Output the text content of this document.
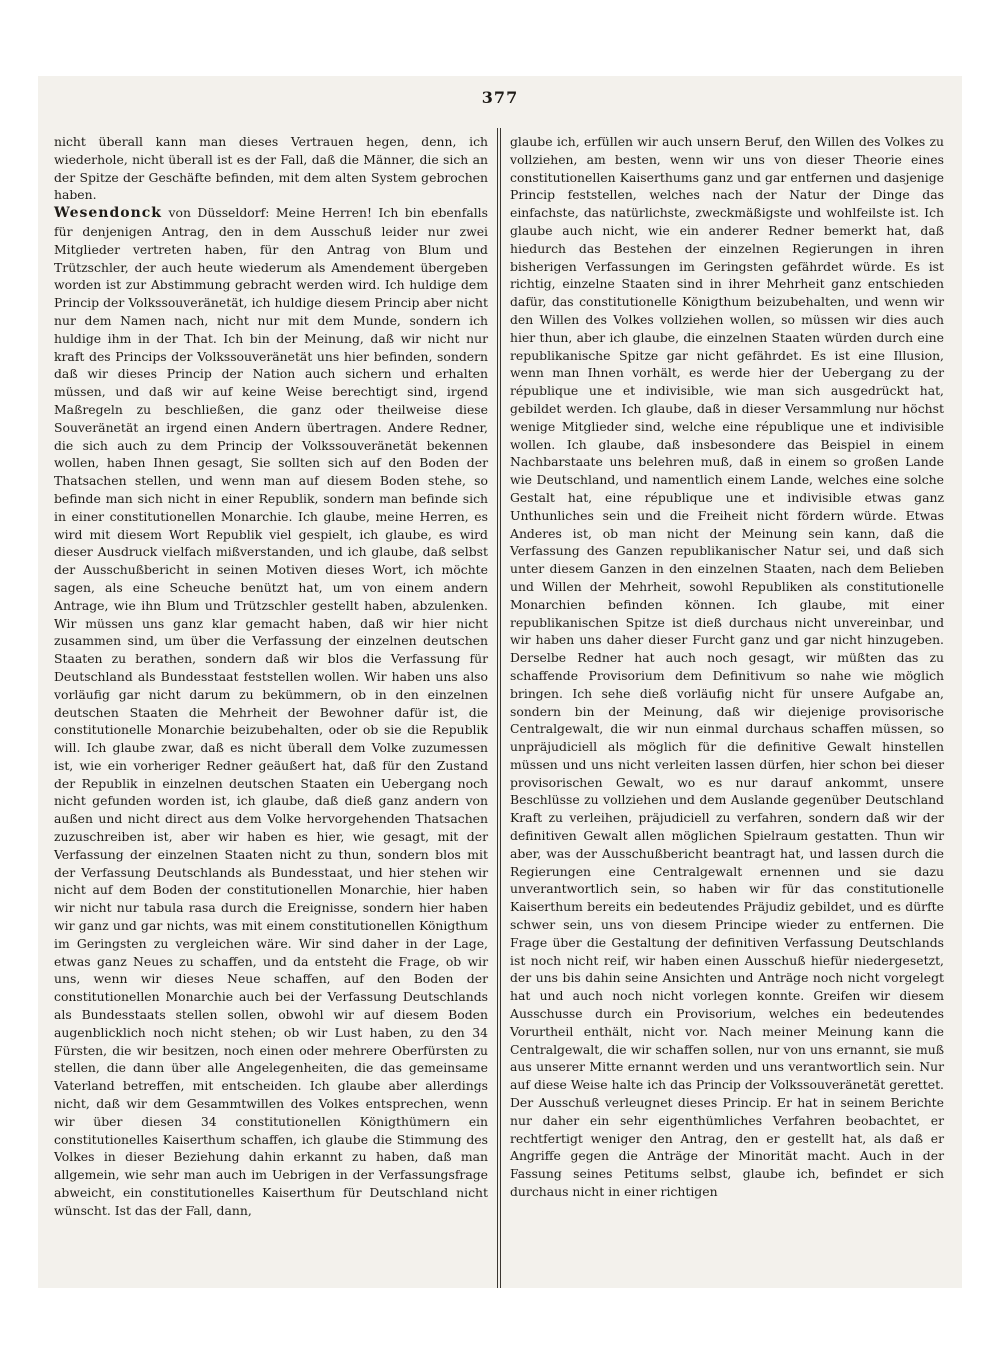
377

nicht überall kann man dieses Vertrauen hegen, denn, ich wiederhole, nicht überall ist es der Fall, daß die Männer, die sich an der Spitze der Geschäfte befinden, mit dem alten System gebrochen haben.

Wesendonck von Düsseldorf: Meine Herren! Ich bin ebenfalls für denjenigen Antrag, den in dem Ausschuß leider nur zwei Mitglieder vertreten haben, für den Antrag von Blum und Trützschler, der auch heute wiederum als Amendement übergeben worden ist zur Abstimmung gebracht werden wird. Ich huldige dem Princip der Volkssouveränetät, ich huldige diesem Princip aber nicht nur dem Namen nach, nicht nur mit dem Munde, sondern ich huldige ihm in der That. Ich bin der Meinung, daß wir nicht nur kraft des Princips der Volkssouveränetät uns hier befinden, sondern daß wir dieses Princip der Nation auch sichern und erhalten müssen, und daß wir auf keine Weise berechtigt sind, irgend Maßregeln zu beschließen, die ganz oder theilweise diese Souveränetät an irgend einen Andern übertragen. Andere Redner, die sich auch zu dem Princip der Volkssouveränetät bekennen wollen, haben Ihnen gesagt, Sie sollten sich auf den Boden der Thatsachen stellen, und wenn man auf diesem Boden stehe, so befinde man sich nicht in einer Republik, sondern man befinde sich in einer constitutionellen Monarchie. Ich glaube, meine Herren, es wird mit diesem Wort Republik viel gespielt, ich glaube, es wird dieser Ausdruck vielfach mißverstanden, und ich glaube, daß selbst der Ausschußbericht in seinen Motiven dieses Wort, ich möchte sagen, als eine Scheuche benützt hat, um von einem andern Antrage, wie ihn Blum und Trützschler gestellt haben, abzulenken. Wir müssen uns ganz klar gemacht haben, daß wir hier nicht zusammen sind, um über die Verfassung der einzelnen deutschen Staaten zu berathen, sondern daß wir blos die Verfassung für Deutschland als Bundesstaat feststellen wollen. Wir haben uns also vorläufig gar nicht darum zu bekümmern, ob in den einzelnen deutschen Staaten die Mehrheit der Bewohner dafür ist, die constitutionelle Monarchie beizubehalten, oder ob sie die Republik will. Ich glaube zwar, daß es nicht überall dem Volke zuzumessen ist, wie ein vorheriger Redner geäußert hat, daß für den Zustand der Republik in einzelnen deutschen Staaten ein Uebergang noch nicht gefunden worden ist, ich glaube, daß dieß ganz andern von außen und nicht direct aus dem Volke hervorgehenden Thatsachen zuzuschreiben ist, aber wir haben es hier, wie gesagt, mit der Verfassung der einzelnen Staaten nicht zu thun, sondern blos mit der Verfassung Deutschlands als Bundesstaat, und hier stehen wir nicht auf dem Boden der constitutionellen Monarchie, hier haben wir nicht nur tabula rasa durch die Ereignisse, sondern hier haben wir ganz und gar nichts, was mit einem constitutionellen Königthum im Geringsten zu vergleichen wäre. Wir sind daher in der Lage, etwas ganz Neues zu schaffen, und da entsteht die Frage, ob wir uns, wenn wir dieses Neue schaffen, auf den Boden der constitutionellen Monarchie auch bei der Verfassung Deutschlands als Bundesstaats stellen sollen, obwohl wir auf diesem Boden augenblicklich noch nicht stehen; ob wir Lust haben, zu den 34 Fürsten, die wir besitzen, noch einen oder mehrere Oberfürsten zu stellen, die dann über alle Angelegenheiten, die das gemeinsame Vaterland betreffen, mit entscheiden. Ich glaube aber allerdings nicht, daß wir dem Gesammtwillen des Volkes entsprechen, wenn wir über diesen 34 constitutionellen Königthümern ein constitutionelles Kaiserthum schaffen, ich glaube die Stimmung des Volkes in dieser Beziehung dahin erkannt zu haben, daß man allgemein, wie sehr man auch im Uebrigen in der Verfassungsfrage abweicht, ein constitutionelles Kaiserthum für Deutschland nicht wünscht. Ist das der Fall, dann,

glaube ich, erfüllen wir auch unsern Beruf, den Willen des Volkes zu vollziehen, am besten, wenn wir uns von dieser Theorie eines constitutionellen Kaiserthums ganz und gar entfernen und dasjenige Princip feststellen, welches nach der Natur der Dinge das einfachste, das natürlichste, zweckmäßigste und wohlfeilste ist. Ich glaube auch nicht, wie ein anderer Redner bemerkt hat, daß hiedurch das Bestehen der einzelnen Regierungen in ihren bisherigen Verfassungen im Geringsten gefährdet würde. Es ist richtig, einzelne Staaten sind in ihrer Mehrheit ganz entschieden dafür, das constitutionelle Königthum beizubehalten, und wenn wir den Willen des Volkes vollziehen wollen, so müssen wir dies auch hier thun, aber ich glaube, die einzelnen Staaten würden durch eine republikanische Spitze gar nicht gefährdet. Es ist eine Illusion, wenn man Ihnen vorhält, es werde hier der Uebergang zu der république une et indivisible, wie man sich ausgedrückt hat, gebildet werden. Ich glaube, daß in dieser Versammlung nur höchst wenige Mitglieder sind, welche eine république une et indivisible wollen. Ich glaube, daß insbesondere das Beispiel in einem Nachbarstaate uns belehren muß, daß in einem so großen Lande wie Deutschland, und namentlich einem Lande, welches eine solche Gestalt hat, eine république une et indivisible etwas ganz Unthunliches sein und die Freiheit nicht fördern würde. Etwas Anderes ist, ob man nicht der Meinung sein kann, daß die Verfassung des Ganzen republikanischer Natur sei, und daß sich unter diesem Ganzen in den einzelnen Staaten, nach dem Belieben und Willen der Mehrheit, sowohl Republiken als constitutionelle Monarchien befinden können. Ich glaube, mit einer republikanischen Spitze ist dieß durchaus nicht unvereinbar, und wir haben uns daher dieser Furcht ganz und gar nicht hinzugeben. Derselbe Redner hat auch noch gesagt, wir müßten das zu schaffende Provisorium dem Definitivum so nahe wie möglich bringen. Ich sehe dieß vorläufig nicht für unsere Aufgabe an, sondern bin der Meinung, daß wir diejenige provisorische Centralgewalt, die wir nun einmal durchaus schaffen müssen, so unpräjudiciell als möglich für die definitive Gewalt hinstellen müssen und uns nicht verleiten lassen dürfen, hier schon bei dieser provisorischen Gewalt, wo es nur darauf ankommt, unsere Beschlüsse zu vollziehen und dem Auslande gegenüber Deutschland Kraft zu verleihen, präjudiciell zu verfahren, sondern daß wir der definitiven Gewalt allen möglichen Spielraum gestatten. Thun wir aber, was der Ausschußbericht beantragt hat, und lassen durch die Regierungen eine Centralgewalt ernennen und sie dazu unverantwortlich sein, so haben wir für das constitutionelle Kaiserthum bereits ein bedeutendes Präjudiz gebildet, und es dürfte schwer sein, uns von diesem Principe wieder zu entfernen. Die Frage über die Gestaltung der definitiven Verfassung Deutschlands ist noch nicht reif, wir haben einen Ausschuß hiefür niedergesetzt, der uns bis dahin seine Ansichten und Anträge noch nicht vorgelegt hat und auch noch nicht vorlegen konnte. Greifen wir diesem Ausschusse durch ein Provisorium, welches ein bedeutendes Vorurtheil enthält, nicht vor. Nach meiner Meinung kann die Centralgewalt, die wir schaffen sollen, nur von uns ernannt, sie muß aus unserer Mitte ernannt werden und uns verantwortlich sein. Nur auf diese Weise halte ich das Princip der Volkssouveränetät gerettet. Der Ausschuß verleugnet dieses Princip. Er hat in seinem Berichte nur daher ein sehr eigenthümliches Verfahren beobachtet, er rechtfertigt weniger den Antrag, den er gestellt hat, als daß er Angriffe gegen die Anträge der Minorität macht. Auch in der Fassung seines Petitums selbst, glaube ich, befindet er sich durchaus nicht in einer richtigen
